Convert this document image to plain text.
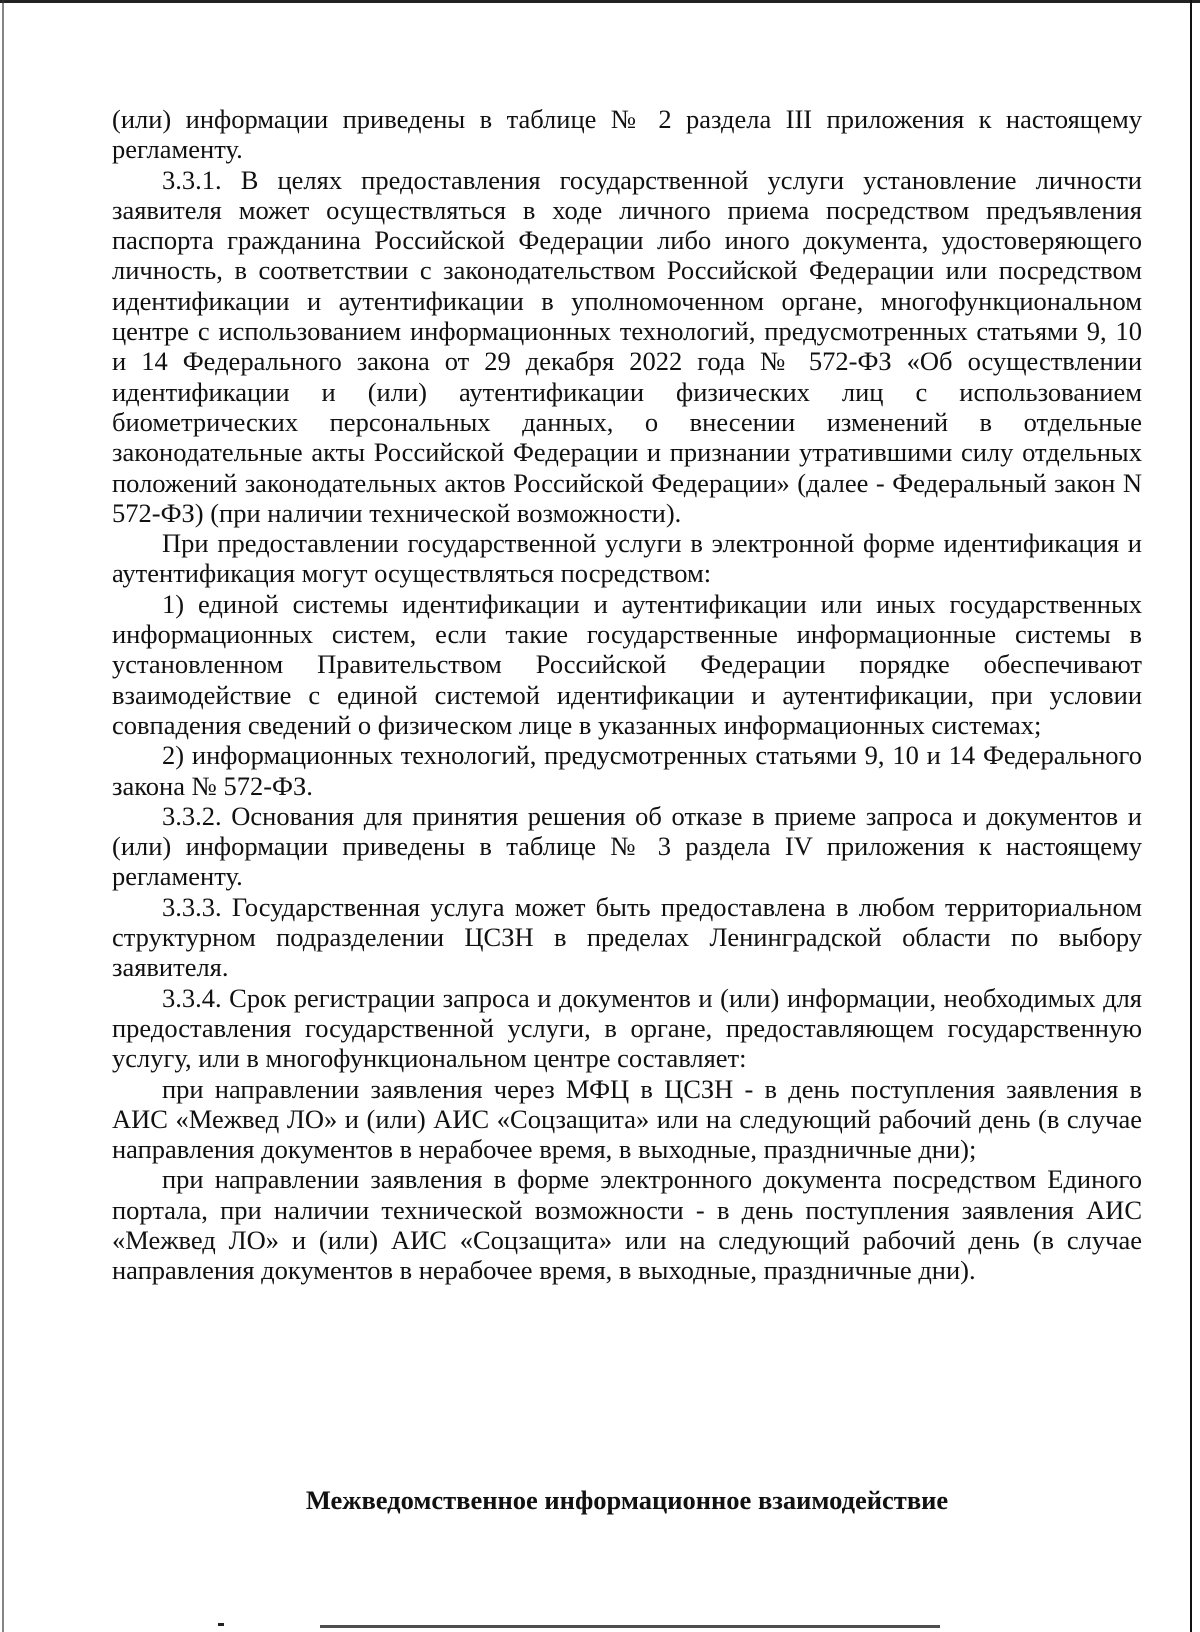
(или) информации приведены в таблице № 2 раздела III приложения к настоящему регламенту.

3.3.1. В целях предоставления государственной услуги установление личности заявителя может осуществляться в ходе личного приема посредством предъявления паспорта гражданина Российской Федерации либо иного документа, удостоверяющего личность, в соответствии с законодательством Российской Федерации или посредством идентификации и аутентификации в уполномоченном органе, многофункциональном центре с использованием информационных технологий, предусмотренных статьями 9, 10 и 14 Федерального закона от 29 декабря 2022 года № 572-ФЗ «Об осуществлении идентификации и (или) аутентификации физических лиц с использованием биометрических персональных данных, о внесении изменений в отдельные законодательные акты Российской Федерации и признании утратившими силу отдельных положений законодательных актов Российской Федерации» (далее - Федеральный закон N 572-ФЗ) (при наличии технической возможности).

При предоставлении государственной услуги в электронной форме идентификация и аутентификация могут осуществляться посредством:

1) единой системы идентификации и аутентификации или иных государственных информационных систем, если такие государственные информационные системы в установленном Правительством Российской Федерации порядке обеспечивают взаимодействие с единой системой идентификации и аутентификации, при условии совпадения сведений о физическом лице в указанных информационных системах;

2) информационных технологий, предусмотренных статьями 9, 10 и 14 Федерального закона № 572-ФЗ.

3.3.2. Основания для принятия решения об отказе в приеме запроса и документов и (или) информации приведены в таблице № 3 раздела IV приложения к настоящему регламенту.

3.3.3. Государственная услуга может быть предоставлена в любом территориальном структурном подразделении ЦСЗН в пределах Ленинградской области по выбору заявителя.

3.3.4. Срок регистрации запроса и документов и (или) информации, необходимых для предоставления государственной услуги, в органе, предоставляющем государственную услугу, или в многофункциональном центре составляет:

при направлении заявления через МФЦ в ЦСЗН - в день поступления заявления в АИС «Межвед ЛО» и (или) АИС «Соцзащита» или на следующий рабочий день (в случае направления документов в нерабочее время, в выходные, праздничные дни);

при направлении заявления в форме электронного документа посредством Единого портала, при наличии технической возможности - в день поступления заявления АИС «Межвед ЛО» и (или) АИС «Соцзащита» или на следующий рабочий день (в случае направления документов в нерабочее время, в выходные, праздничные дни).

Межведомственное информационное взаимодействие
